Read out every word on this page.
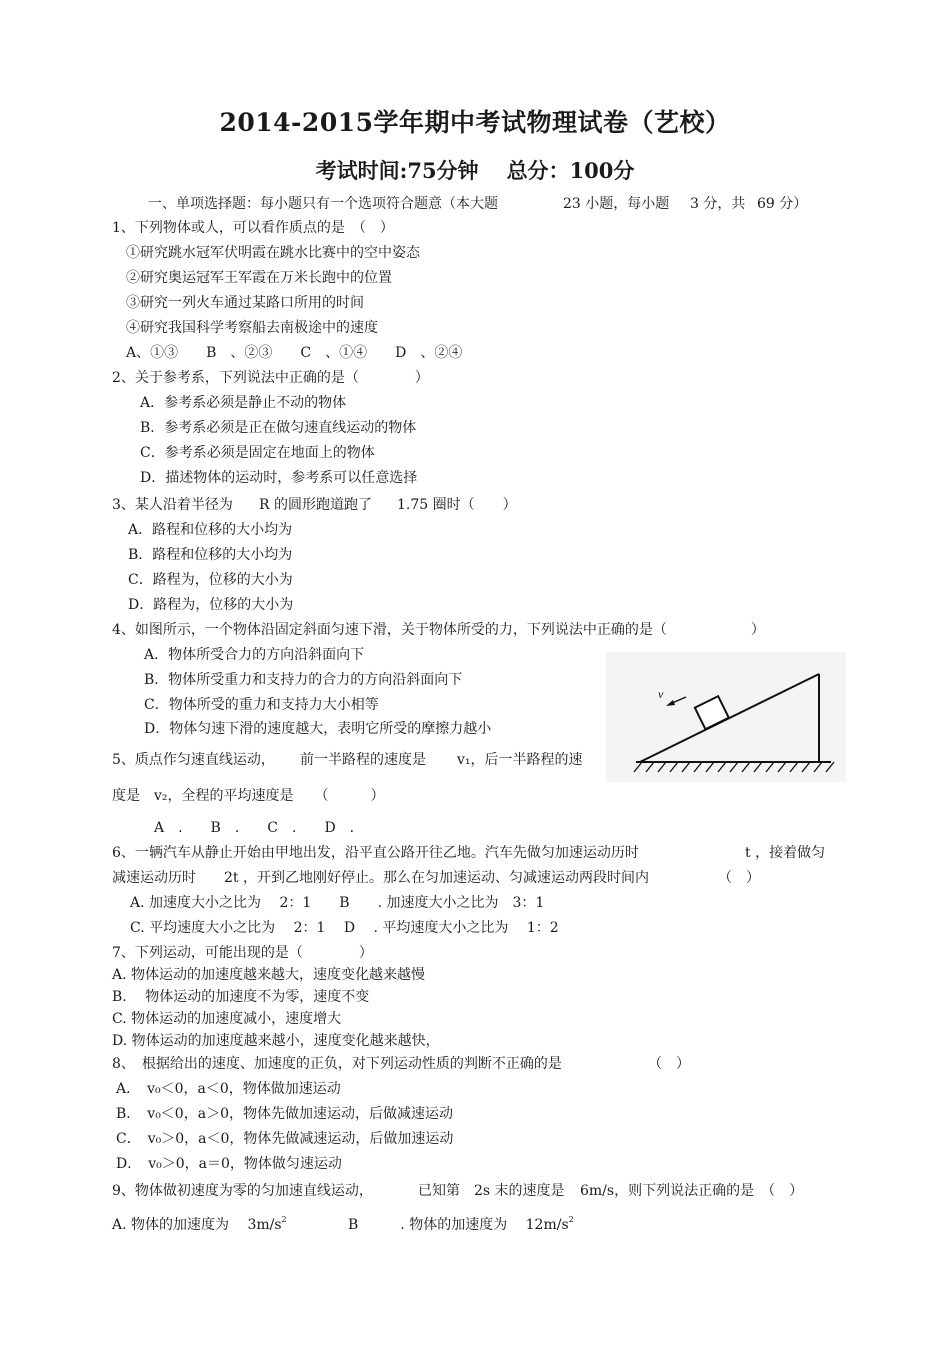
2014-2015学年期中考试物理试卷（艺校）
考试时间:75分钟 总分：100分
一、单项选择题：每小题只有一个选项符合题意（本大题	23 小题，每小题 3 分，共 69 分）
1、下列物体或人，可以看作质点的是　（　）
①研究跳水冠军伏明霞在跳水比赛中的空中姿态
②研究奥运冠军王军霞在万米长跑中的位置
③研究一列火车通过某路口所用的时间
④研究我国科学考察船去南极途中的速度
A、①③　　B　、②③　　C　、①④　　D　、②④
2、关于参考系，下列说法中正确的是（　　　　）
A．参考系必须是静止不动的物体
B．参考系必须是正在做匀速直线运动的物体
C．参考系必须是固定在地面上的物体
D．描述物体的运动时，参考系可以任意选择
3、某人沿着半径为 R 的圆形跑道跑了 1.75 圈时（　　）
A．路程和位移的大小均为
B．路程和位移的大小均为
C．路程为，位移的大小为
D．路程为，位移的大小为
4、如图所示，一个物体沿固定斜面匀速下滑，关于物体所受的力，下列说法中正确的是（　　　　　　）
A．物体所受合力的方向沿斜面向下
B．物体所受重力和支持力的合力的方向沿斜面向下
C．物体所受的重力和支持力大小相等
D．物体匀速下滑的速度越大，表明它所受的摩擦力越小
v
5、质点作匀速直线运动， 前一半路程的速度是 v₁，后一半路程的速
度是　v₂，全程的平均速度是　　（　　　）
A　.　　B　.　　C　.　　D　.
6、一辆汽车从静止开始由甲地出发，沿平直公路开往乙地。汽车先做匀加速运动历时	t ，接着做匀
减速运动历时　　2t ，开到乙地刚好停止。那么在匀加速运动、匀减速运动两段时间内	（　）
A. 加速度大小之比为　 2：1　　B　　. 加速度大小之比为　3：1
C. 平均速度大小之比为　 2：1　 D　 . 平均速度大小之比为　 1：2
7、下列运动，可能出现的是（　　　　）
A. 物体运动的加速度越来越大，速度变化越来越慢
B.　 物体运动的加速度不为零，速度不变
C. 物体运动的加速度减小，速度增大
D. 物体运动的加速度越来越小，速度变化越来越快，
8、　根据给出的速度、加速度的正负，对下列运动性质的判断不正确的是	（　）
A．　v₀＜0，a＜0，物体做加速运动
B．　v₀＜0，a＞0，物体先做加速运动，后做减速运动
C．　v₀＞0，a＜0，物体先做减速运动，后做加速运动
D．　v₀＞0，a＝0，物体做匀速运动
9、物体做初速度为零的匀加速直线运动，	已知第　2s 末的速度是 6m/s，则下列说法正确的是　（　）
A. 物体的加速度为　 $3m/s^2$	B　　　. 物体的加速度为　 $12m/s^2$
